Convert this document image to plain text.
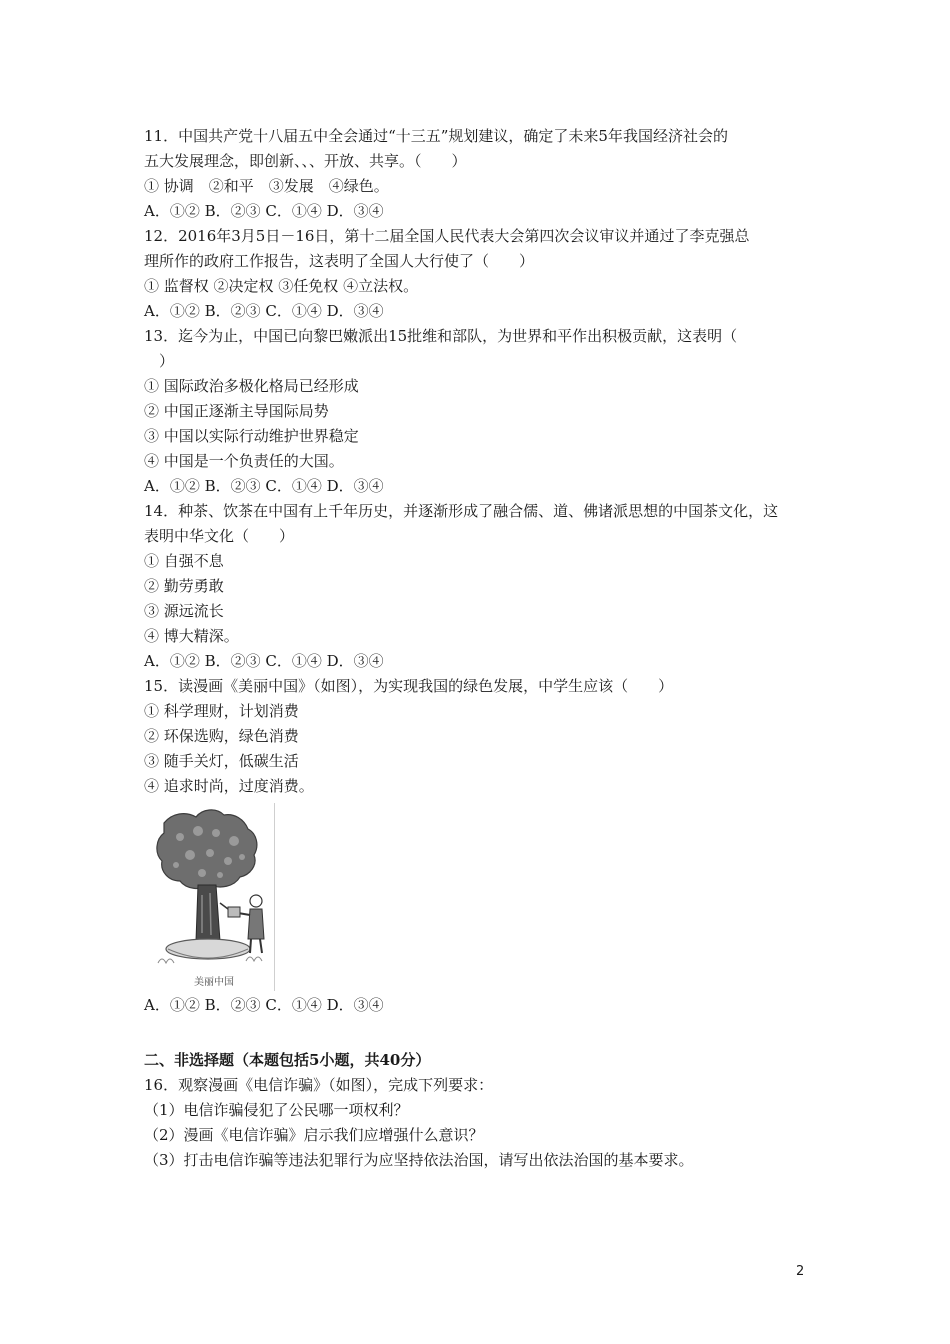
11．中国共产党十八届五中全会通过“十三五”规划建议，确定了未来5年我国经济社会的
五大发展理念，即创新、、、开放、共享。（　　）
① 协调　②和平　③发展　④绿色。
A．①② B．②③ C．①④ D．③④
12．2016年3月5日－16日，第十二届全国人民代表大会第四次会议审议并通过了李克强总
理所作的政府工作报告，这表明了全国人大行使了（　　）
① 监督权 ②决定权 ③任免权 ④立法权。
A．①② B．②③ C．①④ D．③④
13．迄今为止，中国已向黎巴嫩派出15批维和部队，为世界和平作出积极贡献，这表明（
　）
① 国际政治多极化格局已经形成
② 中国正逐渐主导国际局势
③ 中国以实际行动维护世界稳定
④ 中国是一个负责任的大国。
A．①② B．②③ C．①④ D．③④
14．种茶、饮茶在中国有上千年历史，并逐渐形成了融合儒、道、佛诸派思想的中国茶文化，这
表明中华文化（　　）
① 自强不息
② 勤劳勇敢
③ 源远流长
④ 博大精深。
A．①② B．②③ C．①④ D．③④
15．读漫画《美丽中国》（如图），为实现我国的绿色发展，中学生应该（　　）
① 科学理财，计划消费
② 环保选购，绿色消费
③ 随手关灯，低碳生活
④ 追求时尚，过度消费。
美丽中国
A．①② B．②③ C．①④ D．③④
二、非选择题（本题包括5小题，共40分）
16．观察漫画《电信诈骗》（如图），完成下列要求：
（1）电信诈骗侵犯了公民哪一项权利？
（2）漫画《电信诈骗》启示我们应增强什么意识？
（3）打击电信诈骗等违法犯罪行为应坚持依法治国，请写出依法治国的基本要求。
2
